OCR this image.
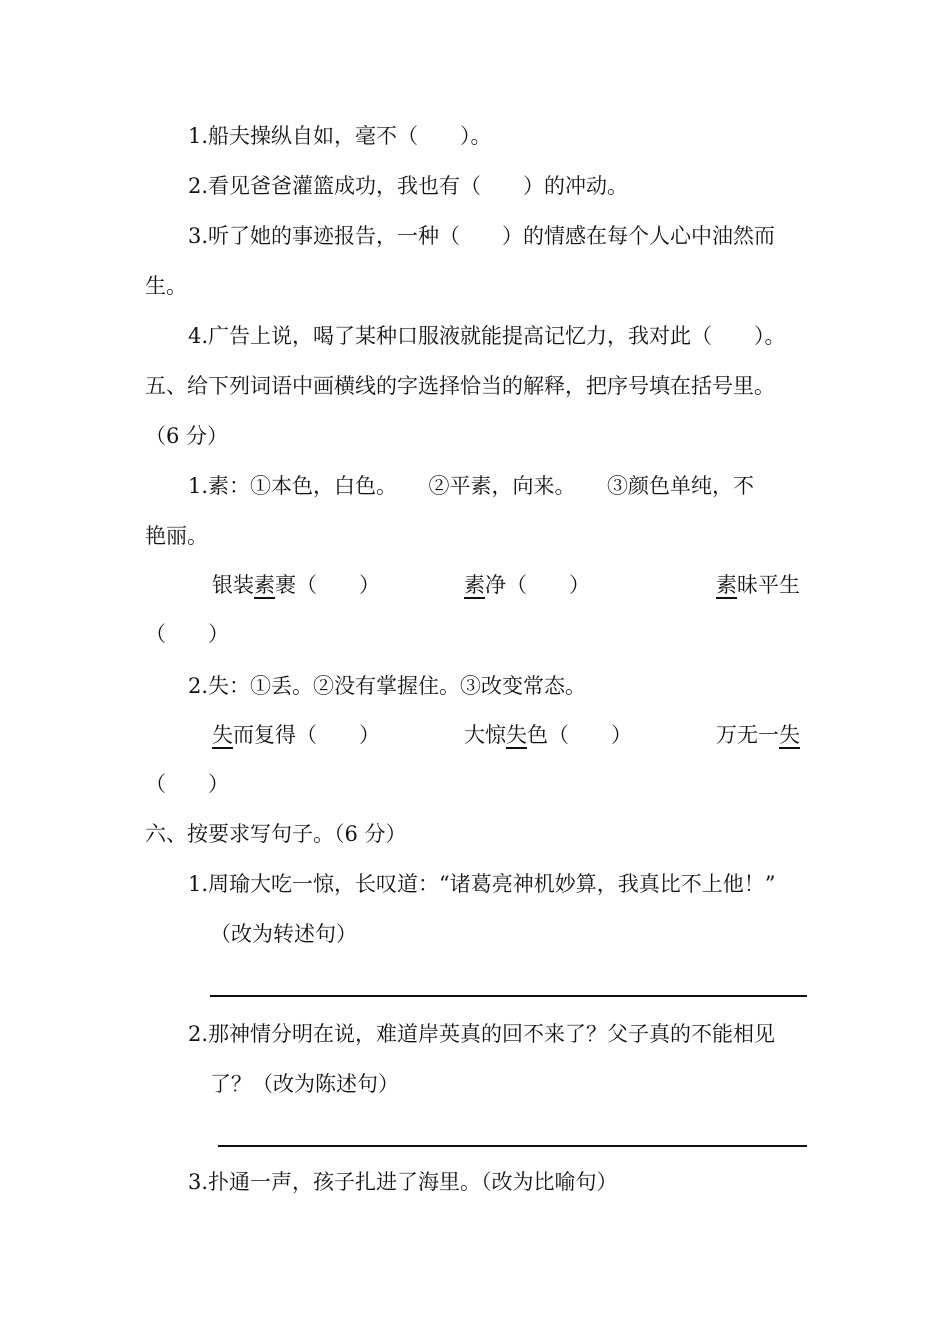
1.船夫操纵自如，毫不（　　）。
2.看见爸爸灌篮成功，我也有（　　）的冲动。
3.听了她的事迹报告，一种（　　）的情感在每个人心中油然而
生。
4.广告上说，喝了某种口服液就能提高记忆力，我对此（　　）。
五、给下列词语中画横线的字选择恰当的解释，把序号填在括号里。
（6 分）
1.素：①本色，白色。　　②平素，向来。　　③颜色单纯，不
艳丽。
银装素裹（　　）	素净（　　）	素昧平生
（　　）
2.失：①丢。②没有掌握住。③改变常态。
失而复得（　　）	大惊失色（　　）	万无一失
（　　）
六、按要求写句子。（6 分）
1.周瑜大吃一惊，长叹道：“诸葛亮神机妙算，我真比不上他！”
（改为转述句）
2.那神情分明在说，难道岸英真的回不来了？父子真的不能相见
了？（改为陈述句）
3.扑通一声，孩子扎进了海里。（改为比喻句）
